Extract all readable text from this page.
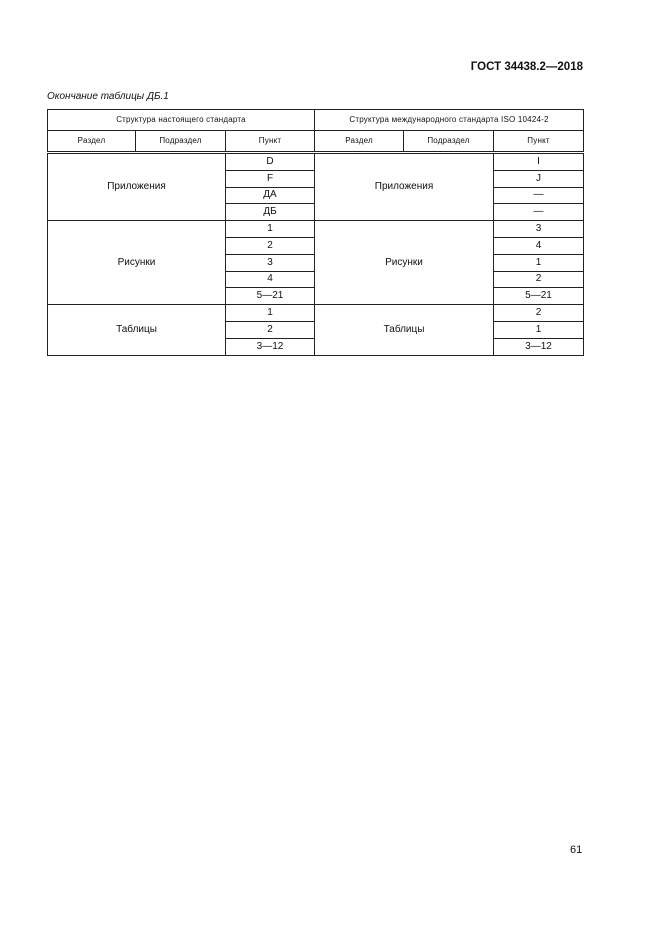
ГОСТ 34438.2—2018
Окончание таблицы ДБ.1
Структура настоящего стандарта			Структура международного стандарта ISO 10424-2		
Раздел	Подраздел	Пункт	Раздел	Подраздел	Пункт
Приложения		D	Приложения		I
		F			J
		ДА			—
		ДБ			—
Рисунки		1	Рисунки		3
		2			4
		3			1
		4			2
		5—21			5—21
Таблицы		1	Таблицы		2
		2			1
		3—12			3—12
61
